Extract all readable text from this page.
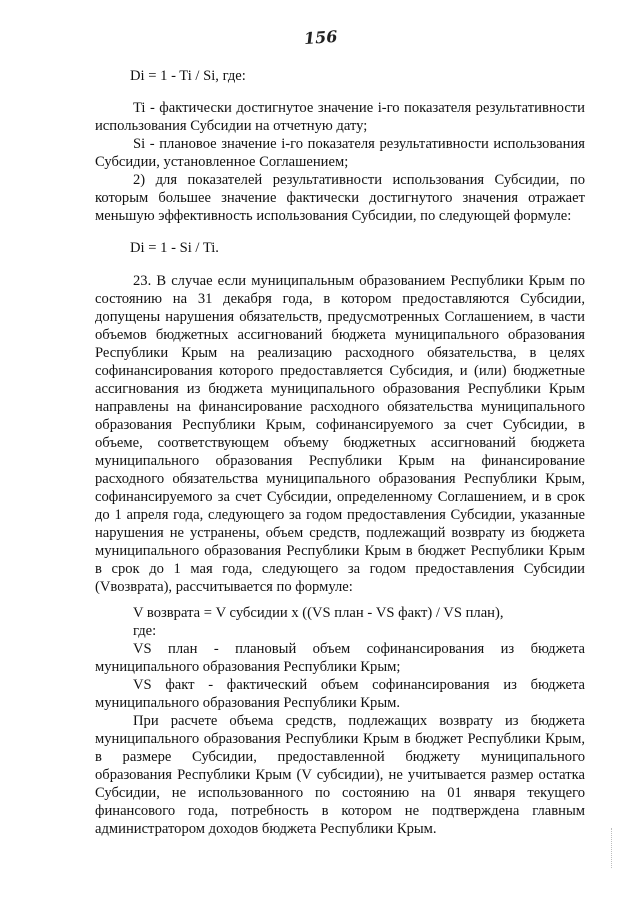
156
Di = 1 - Ti / Si, где:
Ti - фактически достигнутое значение i-го показателя результативности
использования Субсидии на отчетную дату;
Si - плановое значение i-го показателя результативности использования
Субсидии, установленное Соглашением;
2) для показателей результативности использования Субсидии, по
которым большее значение фактически достигнутого значения отражает
меньшую эффективность использования Субсидии, по следующей формуле:
Di = 1 - Si / Ti.
23. В случае если муниципальным образованием Республики Крым по
состоянию на 31 декабря года, в котором предоставляются Субсидии,
допущены нарушения обязательств, предусмотренных Соглашением, в части
объемов бюджетных ассигнований бюджета муниципального образования
Республики Крым на реализацию расходного обязательства, в целях
софинансирования которого предоставляется Субсидия, и (или) бюджетные
ассигнования из бюджета муниципального образования Республики Крым
направлены на финансирование расходного обязательства муниципального
образования Республики Крым, софинансируемого за счет Субсидии, в
объеме, соответствующем объему бюджетных ассигнований бюджета
муниципального образования Республики Крым на финансирование
расходного обязательства муниципального образования Республики Крым,
софинансируемого за счет Субсидии, определенному Соглашением, и в срок
до 1 апреля года, следующего за годом предоставления Субсидии, указанные
нарушения не устранены, объем средств, подлежащий возврату из бюджета
муниципального образования Республики Крым в бюджет Республики Крым
в срок до 1 мая года, следующего за годом предоставления Субсидии
(Vвозврата), рассчитывается по формуле:
V возврата = V субсидии x ((VS план - VS факт) / VS план),
где:
VS план - плановый объем софинансирования из бюджета
муниципального образования Республики Крым;
VS факт - фактический объем софинансирования из бюджета
муниципального образования Республики Крым.
При расчете объема средств, подлежащих возврату из бюджета
муниципального образования Республики Крым в бюджет Республики Крым,
в размере Субсидии, предоставленной бюджету муниципального
образования Республики Крым (V субсидии), не учитывается размер остатка
Субсидии, не использованного по состоянию на 01 января текущего
финансового года, потребность в котором не подтверждена главным
администратором доходов бюджета Республики Крым.
